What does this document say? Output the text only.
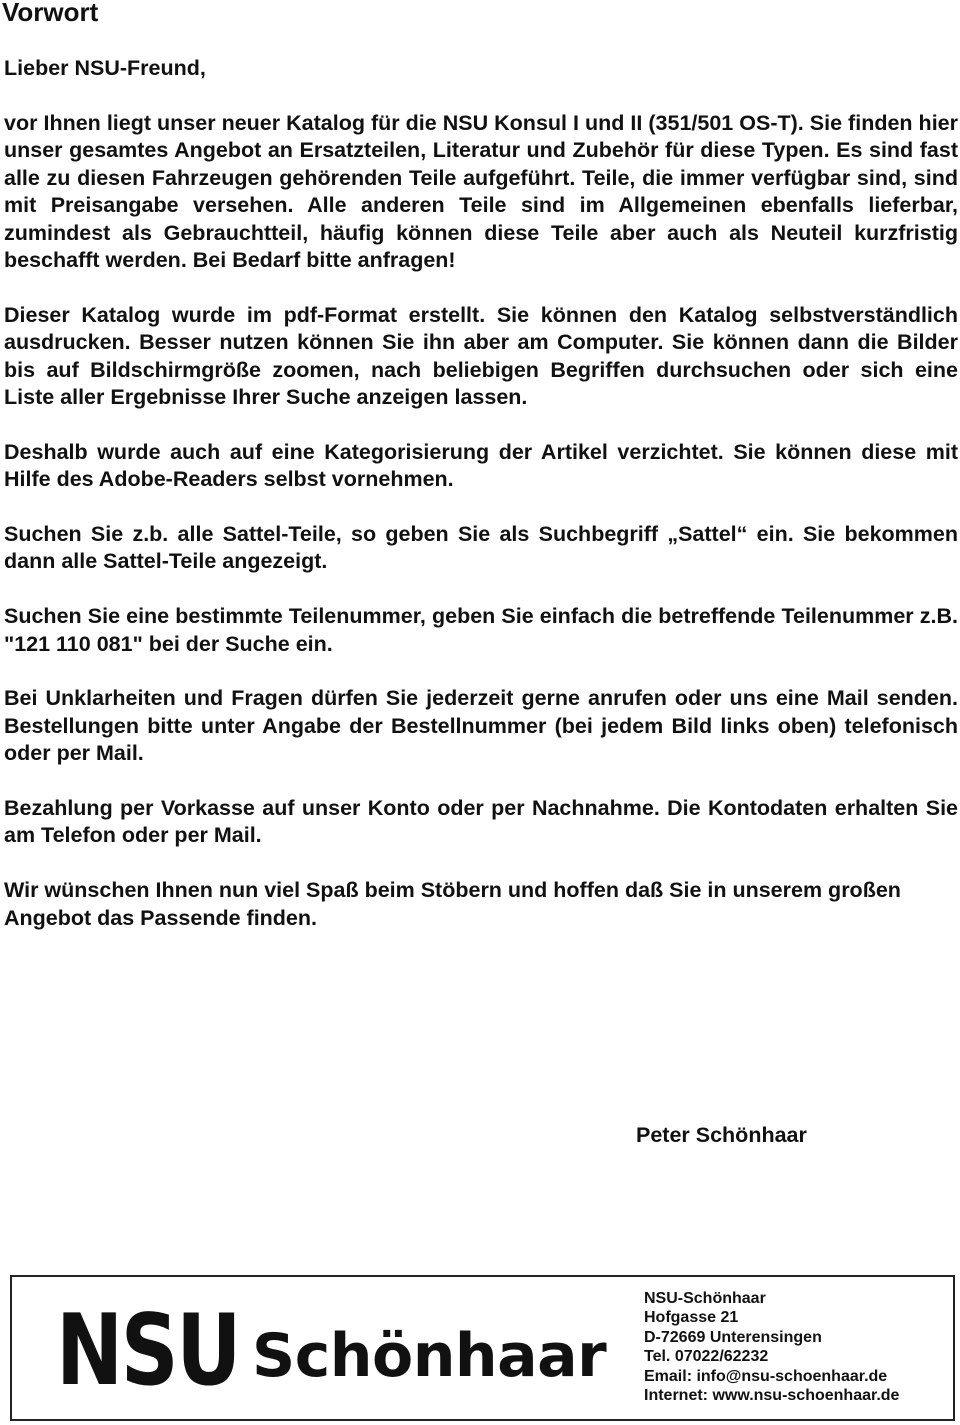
Vorwort

Lieber NSU-Freund,

vor Ihnen liegt unser neuer Katalog für die NSU Konsul I und II (351/501 OS-T). Sie finden hier unser gesamtes Angebot an Ersatzteilen, Literatur und Zubehör für diese Typen. Es sind fast alle zu diesen Fahrzeugen gehörenden Teile aufgeführt. Teile, die immer verfügbar sind, sind mit Preisangabe versehen. Alle anderen Teile sind im Allgemeinen ebenfalls lieferbar, zumindest als Gebrauchtteil, häufig können diese Teile aber auch als Neuteil kurzfristig beschafft werden. Bei Bedarf bitte anfragen!

Dieser Katalog wurde im pdf-Format erstellt. Sie können den Katalog selbstverständlich ausdrucken. Besser nutzen können Sie ihn aber am Computer. Sie können dann die Bilder bis auf Bildschirmgröße zoomen, nach beliebigen Begriffen durchsuchen oder sich eine Liste aller Ergebnisse Ihrer Suche anzeigen lassen.

Deshalb wurde auch auf eine Kategorisierung der Artikel verzichtet. Sie können diese mit Hilfe des Adobe-Readers selbst vornehmen.

Suchen Sie z.b. alle Sattel-Teile, so geben Sie als Suchbegriff „Sattel“ ein. Sie bekommen dann alle Sattel-Teile angezeigt.

Suchen Sie eine bestimmte Teilenummer, geben Sie einfach die betreffende Teilenummer z.B. "121 110 081" bei der Suche ein.

Bei Unklarheiten und Fragen dürfen Sie jederzeit gerne anrufen oder uns eine Mail senden. Bestellungen bitte unter Angabe der Bestellnummer (bei jedem Bild links oben) telefonisch oder per Mail.

Bezahlung per Vorkasse auf unser Konto oder per Nachnahme. Die Kontodaten erhalten Sie am Telefon oder per Mail.

Wir wünschen Ihnen nun viel Spaß beim Stöbern und hoffen daß Sie in unserem großen Angebot das Passende finden.

Peter Schönhaar

NSU Schönhaar
NSU-Schönhaar
Hofgasse 21
D-72669 Unterensingen
Tel. 07022/62232
Email: info@nsu-schoenhaar.de
Internet: www.nsu-schoenhaar.de
